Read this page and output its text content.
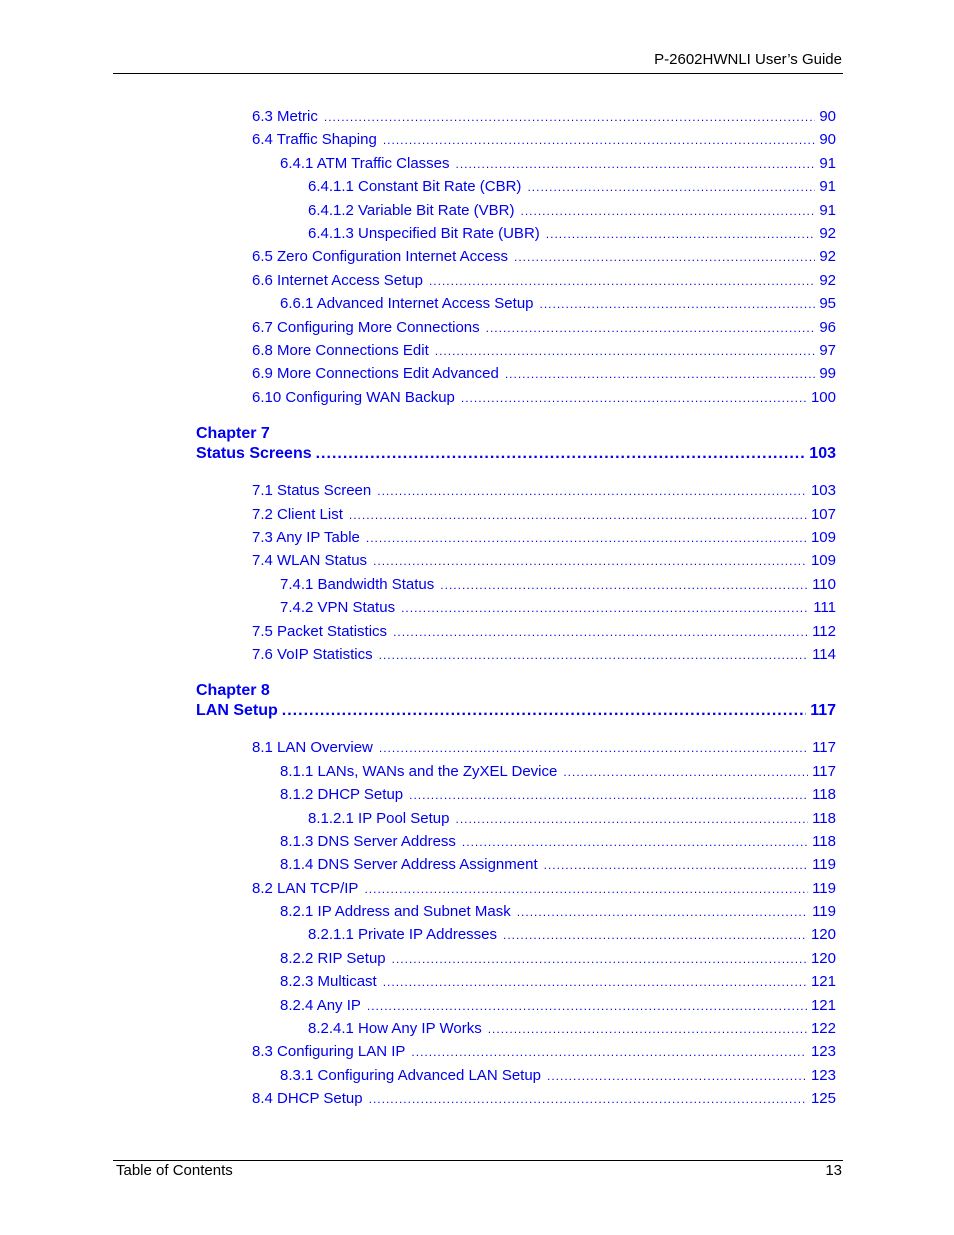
P-2602HWNLI User’s Guide
6.3 Metric .....	90
6.4 Traffic Shaping .....	90
6.4.1 ATM Traffic Classes .....	91
6.4.1.1 Constant Bit Rate (CBR) .....	91
6.4.1.2 Variable Bit Rate (VBR) .....	91
6.4.1.3 Unspecified Bit Rate (UBR) .....	92
6.5 Zero Configuration Internet Access .....	92
6.6 Internet Access Setup .....	92
6.6.1 Advanced Internet Access Setup .....	95
6.7 Configuring More Connections .....	96
6.8 More Connections Edit .....	97
6.9 More Connections Edit Advanced .....	99
6.10 Configuring WAN Backup .....	100
Chapter 7
Status Screens .....	103
7.1 Status Screen .....	103
7.2 Client List .....	107
7.3 Any IP Table .....	109
7.4 WLAN Status .....	109
7.4.1 Bandwidth Status .....	110
7.4.2 VPN Status .....	111
7.5 Packet Statistics .....	112
7.6 VoIP Statistics .....	114
Chapter 8
LAN Setup .....	117
8.1 LAN Overview .....	117
8.1.1 LANs, WANs and the ZyXEL Device .....	117
8.1.2 DHCP Setup .....	118
8.1.2.1 IP Pool Setup .....	118
8.1.3 DNS Server Address .....	118
8.1.4 DNS Server Address Assignment .....	119
8.2 LAN TCP/IP .....	119
8.2.1 IP Address and Subnet Mask .....	119
8.2.1.1 Private IP Addresses .....	120
8.2.2 RIP Setup .....	120
8.2.3 Multicast .....	121
8.2.4 Any IP .....	121
8.2.4.1 How Any IP Works .....	122
8.3 Configuring LAN IP .....	123
8.3.1 Configuring Advanced LAN Setup .....	123
8.4 DHCP Setup .....	125
Table of Contents	13
